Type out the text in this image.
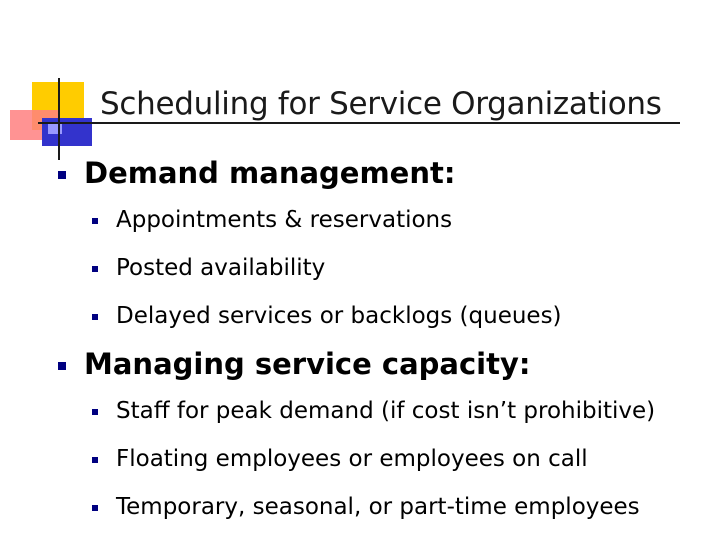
Scheduling for Service Organizations
Demand management:
Appointments & reservations
Posted availability
Delayed services or backlogs (queues)
Managing service capacity:
Staff for peak demand (if cost isn’t prohibitive)
Floating employees or employees on call
Temporary, seasonal, or part-time employees
